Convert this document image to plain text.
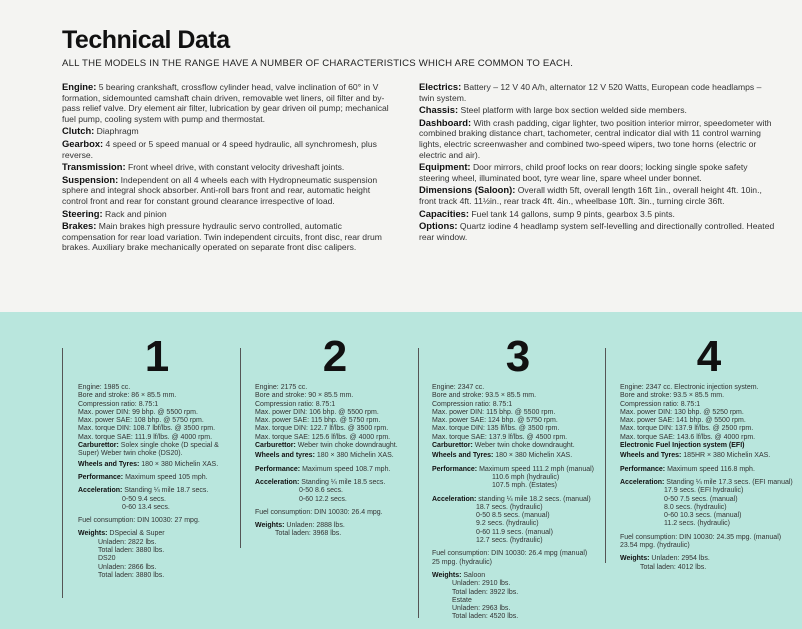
Technical Data
ALL THE MODELS IN THE RANGE HAVE A NUMBER OF CHARACTERISTICS WHICH ARE COMMON TO EACH.

Engine: 5 bearing crankshaft, crossflow cylinder head, valve inclination of 60° in V formation, sidemounted camshaft chain driven, removable wet liners, oil filter and by-pass relief valve. Dry element air filter, lubrication by gear driven oil pump; mechanical fuel pump, cooling system with pump and thermostat.

Clutch: Diaphragm

Gearbox: 4 speed or 5 speed manual or 4 speed hydraulic, all synchromesh, plus reverse.

Transmission: Front wheel drive, with constant velocity driveshaft joints.

Suspension: Independent on all 4 wheels each with Hydropneumatic suspension sphere and integral shock absorber. Anti-roll bars front and rear, automatic height control front and rear for constant ground clearance irrespective of load.

Steering: Rack and pinion

Brakes: Main brakes high pressure hydraulic servo controlled, automatic compensation for rear load variation. Twin independent circuits, front disc, rear drum brakes. Auxiliary brake mechanically operated on separate front disc calipers.

Electrics: Battery – 12 V 40 A/h, alternator 12 V 520 Watts, European code headlamps – twin system.

Chassis: Steel platform with large box section welded side members.

Dashboard: With crash padding, cigar lighter, two position interior mirror, speedometer with combined braking distance chart, tachometer, central indicator dial with 11 control warning lights, electric screenwasher and combined two-speed wipers, two tone horns (electric or electric and air).

Equipment: Door mirrors, child proof locks on rear doors; locking single spoke safety steering wheel, illuminated boot, tyre wear line, spare wheel under bonnet.

Dimensions (Saloon): Overall width 5ft, overall length 16ft 1in., overall height 4ft. 10in., front track 4ft. 11½in., rear track 4ft. 4in., wheelbase 10ft. 3in., turning circle 36ft.

Capacities: Fuel tank 14 gallons, sump 9 pints, gearbox 3.5 pints.

Options: Quartz iodine 4 headlamp system self-levelling and directionally controlled. Heated rear window.

1
Engine: 1985 cc.
Bore and stroke: 86 × 85.5 mm.
Compression ratio: 8.75:1
Max. power DIN: 99 bhp. @ 5500 rpm.
Max. power SAE: 108 bhp. @ 5750 rpm.
Max. torque DIN: 108.7 lbf/lbs. @ 3500 rpm.
Max. torque SAE: 111.9 lf/lbs. @ 4000 rpm.
Carburettor: Solex single choke (D special &
Super) Weber twin choke (DS20).
Wheels and Tyres: 180 × 380 Michelin XAS.
Performance: Maximum speed 105 mph.
Acceleration: Standing ¼ mile 18.7 secs.
0-50 9.4 secs.
0-60 13.4 secs.
Fuel consumption: DIN 10030: 27 mpg.
Weights: DSpecial & Super
Unladen: 2822 lbs.
Total laden: 3880 lbs.
DS20
Unladen: 2866 lbs.
Total laden: 3880 lbs.
2
Engine: 2175 cc.
Bore and stroke: 90 × 85.5 mm.
Compression ratio: 8.75:1
Max. power DIN: 106 bhp. @ 5500 rpm.
Max. power SAE: 115 bhp. @ 5750 rpm.
Max. torque DIN: 122.7 lf/lbs. @ 3500 rpm.
Max. torque SAE: 125.6 lf/lbs. @ 4000 rpm.
Carburettor: Weber twin choke downdraught.
Wheels and tyres: 180 × 380 Michelin XAS.
Performance: Maximum speed 108.7 mph.
Acceleration: Standing ¼ mile 18.5 secs.
0-50 8.6 secs.
0-60 12.2 secs.
Fuel consumption: DIN 10030: 26.4 mpg.
Weights: Unladen: 2888 lbs.
Total laden: 3968 lbs.
3
Engine: 2347 cc.
Bore and stroke: 93.5 × 85.5 mm.
Compression ratio: 8.75:1
Max. power DIN: 115 bhp. @ 5500 rpm.
Max. power SAE: 124 bhp. @ 5750 rpm.
Max. torque DIN: 135 lf/lbs. @ 3500 rpm.
Max. torque SAE: 137.9 lf/lbs. @ 4500 rpm.
Carburettor: Weber twin choke downdraught.
Wheels and Tyres: 180 × 380 Michelin XAS.
Performance: Maximum speed 111.2 mph (manual)
110.6 mph (hydraulic)
107.5 mph. (Estates)
Acceleration: standing ¼ mile 18.2 secs. (manual)
18.7 secs. (hydraulic)
0-50 8.5 secs. (manual)
9.2 secs. (hydraulic)
0-60 11.9 secs. (manual)
12.7 secs. (hydraulic)
Fuel consumption: DIN 10030: 26.4 mpg (manual)
25 mpg. (hydraulic)
Weights: Saloon
Unladen: 2910 lbs.
Total laden: 3922 lbs.
Estate
Unladen: 2963 lbs.
Total laden: 4520 lbs.
4
Engine: 2347 cc. Electronic injection system.
Bore and stroke: 93.5 × 85.5 mm.
Compression ratio: 8.75:1
Max. power DIN: 130 bhp. @ 5250 rpm.
Max. power SAE: 141 bhp. @ 5500 rpm.
Max. torque DIN: 137.9 lf/lbs. @ 2500 rpm.
Max. torque SAE: 143.6 lf/lbs. @ 4000 rpm.
Electronic Fuel Injection system (EFI)
Wheels and Tyres: 185HR × 380 Michelin XAS.
Performance: Maximum speed 116.8 mph.
Acceleration: Standing ¼ mile 17.3 secs. (EFI manual)
17.9 secs. (EFI hydraulic)
0-50 7.5 secs. (manual)
8.0 secs. (hydraulic)
0-60 10.3 secs. (manual)
11.2 secs. (hydraulic)
Fuel consumption: DIN 10030: 24.35 mpg. (manual)
23.54 mpg. (hydraulic)
Weights: Unladen: 2954 lbs.
Total laden: 4012 lbs.
